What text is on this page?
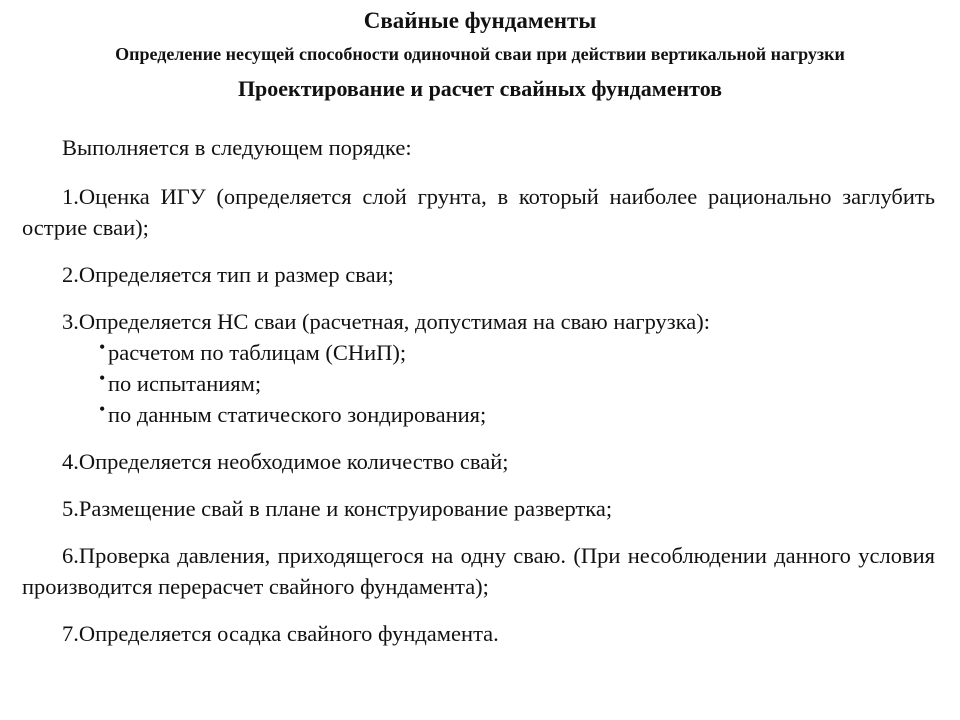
Свайные фундаменты
Определение несущей способности одиночной сваи при действии вертикальной нагрузки
Проектирование и расчет свайных фундаментов

Выполняется в следующем порядке:

1.Оценка ИГУ (определяется слой грунта, в который наиболее рационально заглубить острие сваи);

2.Определяется тип и размер сваи;

3.Определяется НС сваи (расчетная, допустимая на сваю нагрузка):

• расчетом по таблицам (СНиП);
• по испытаниям;
• по данным статического зондирования;

4.Определяется необходимое количество свай;

5.Размещение свай в плане и конструирование развертка;

6.Проверка давления, приходящегося на одну сваю. (При несоблюдении данного условия производится перерасчет свайного фундамента);

7.Определяется осадка свайного фундамента.
